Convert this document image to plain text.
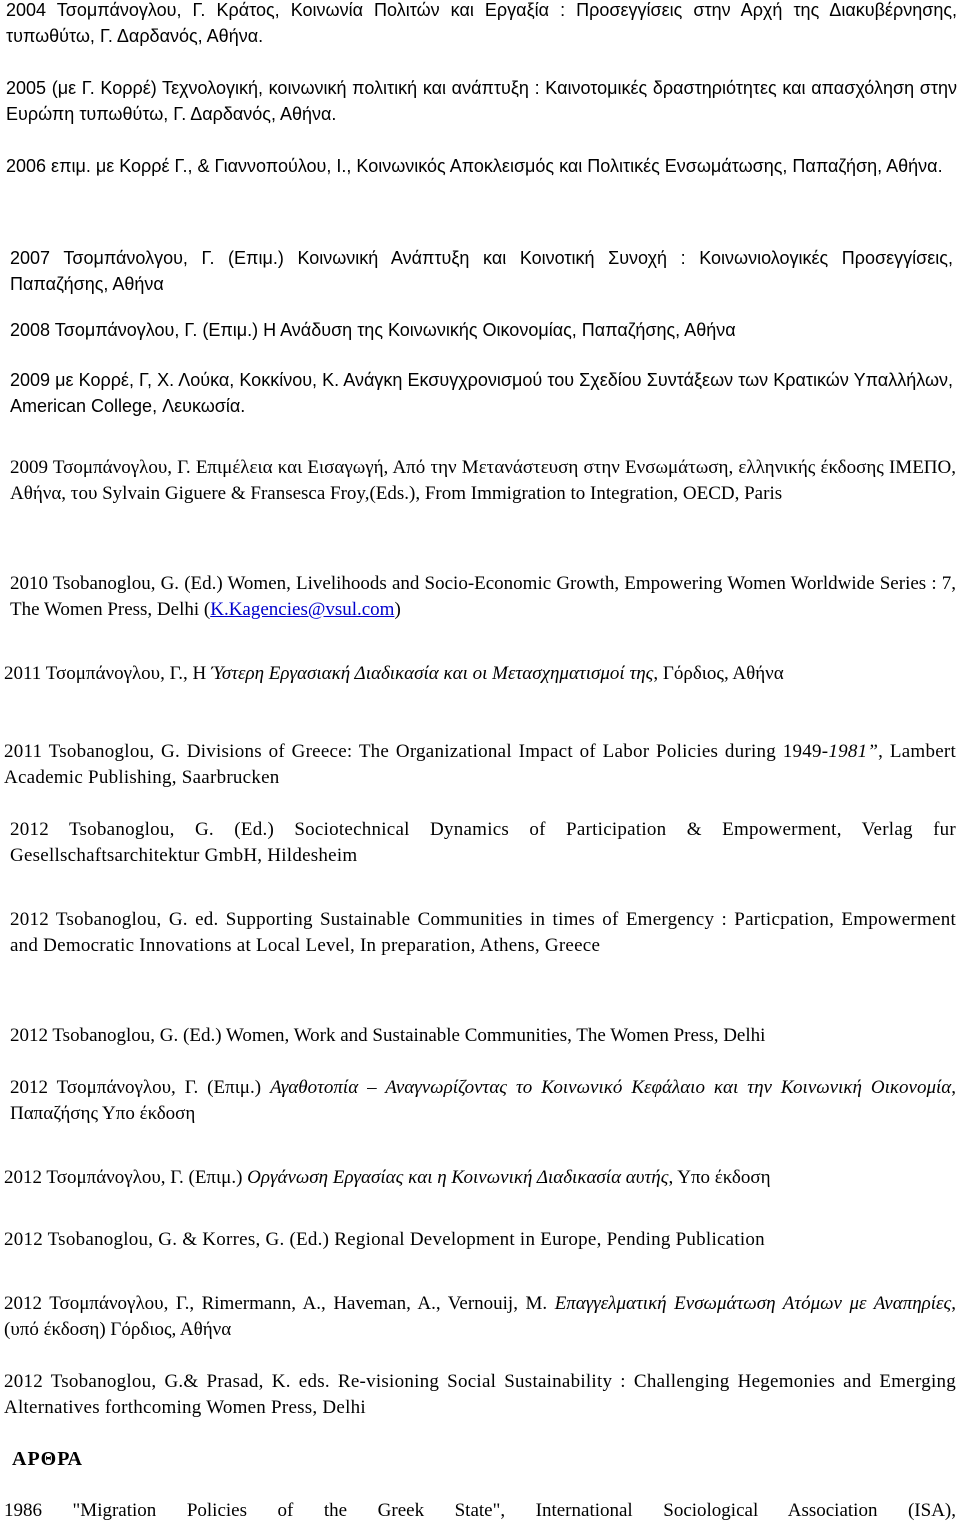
2004 Τσομπάνογλου, Γ. Κράτος, Κοινωνία Πολιτών και Εργαξία : Προσεγγίσεις στην Αρχή της Διακυβέρνησης, τυπωθύτω, Γ. Δαρδανός, Αθήνα.

2005 (με Γ. Κορρέ) Τεχνολογική, κοινωνική πολιτική και ανάπτυξη : Καινοτομικές δραστηριότητες και απασχόληση στην Ευρώπη τυπωθύτω, Γ. Δαρδανός, Αθήνα.

2006 επιμ. με Κορρέ Γ., & Γιαννοπούλου, Ι., Κοινωνικός Αποκλεισμός και Πολιτικές Ενσωμάτωσης, Παπαζήση, Αθήνα.

2007 Τσομπάνολγου, Γ. (Επιμ.) Κοινωνική Ανάπτυξη και Κοινοτική Συνοχή : Κοινωνιολογικές Προσεγγίσεις, Παπαζήσης, Αθήνα

2008 Τσομπάνογλου, Γ. (Επιμ.) Η Ανάδυση της Κοινωνικής Οικονομίας, Παπαζήσης, Αθήνα

2009 με Κορρέ, Γ, Χ. Λούκα, Κοκκίνου, Κ. Ανάγκη Εκσυγχρονισμού του Σχεδίου Συντάξεων των Κρατικών Υπαλλήλων, American College, Λευκωσία.

2009 Τσομπάνογλου, Γ. Επιμέλεια και Εισαγωγή, Από την Μετανάστευση στην Ενσωμάτωση, ελληνικής έκδοσης ΙΜΕΠΟ, Αθήνα, του Sylvain Giguere & Fransesca Froy,(Eds.), From Immigration to Integration, OECD, Paris

2010 Tsobanoglou, G. (Ed.) Women, Livelihoods and Socio-Economic Growth, Empowering Women Worldwide Series : 7, The Women Press, Delhi (K.Kagencies@vsul.com)

2011 Τσομπάνογλου, Γ., Η Ύστερη Εργασιακή Διαδικασία και οι Μετασχηματισμοί της, Γόρδιος, Αθήνα

2011 Tsobanoglou, G. Divisions of Greece: The Organizational Impact of Labor Policies during 1949-1981”, Lambert Academic Publishing, Saarbrucken

2012 Tsobanoglou, G. (Ed.) Sociotechnical Dynamics of Participation & Empowerment, Verlag fur Gesellschaftsarchitektur GmbH, Hildesheim

2012 Tsobanoglou, G. ed. Supporting Sustainable Communities in times of Emergency : Particpation, Empowerment and Democratic Innovations at Local Level, In preparation, Athens, Greece

2012 Tsobanoglou, G. (Ed.) Women, Work and Sustainable Communities, The Women Press, Delhi

2012 Τσομπάνογλου, Γ. (Επιμ.) Αγαθοτοπία – Αναγνωρίζοντας το Κοινωνικό Κεφάλαιο και την Κοινωνική Οικονομία, Παπαζήσης Υπο έκδοση

2012 Τσομπάνογλου, Γ. (Επιμ.) Οργάνωση Εργασίας και η Κοινωνική Διαδικασία αυτής, Υπο έκδοση

2012 Tsobanoglou, G. & Korres, G. (Ed.) Regional Development in Europe, Pending Publication

2012 Τσομπάνογλου, Γ., Rimermann, A., Haveman, A., Vernouij, M. Επαγγελματική Ενσωμάτωση Ατόμων με Αναπηρίες, (υπό έκδοση) Γόρδιος, Αθήνα

2012 Tsobanoglou, G.& Prasad, K. eds. Re-visioning Social Sustainability : Challenging Hegemonies and Emerging Alternatives forthcoming Women Press, Delhi

ΑΡΘΡΑ

1986 "Migration Policies of the Greek State", International Sociological Association (ISA),
